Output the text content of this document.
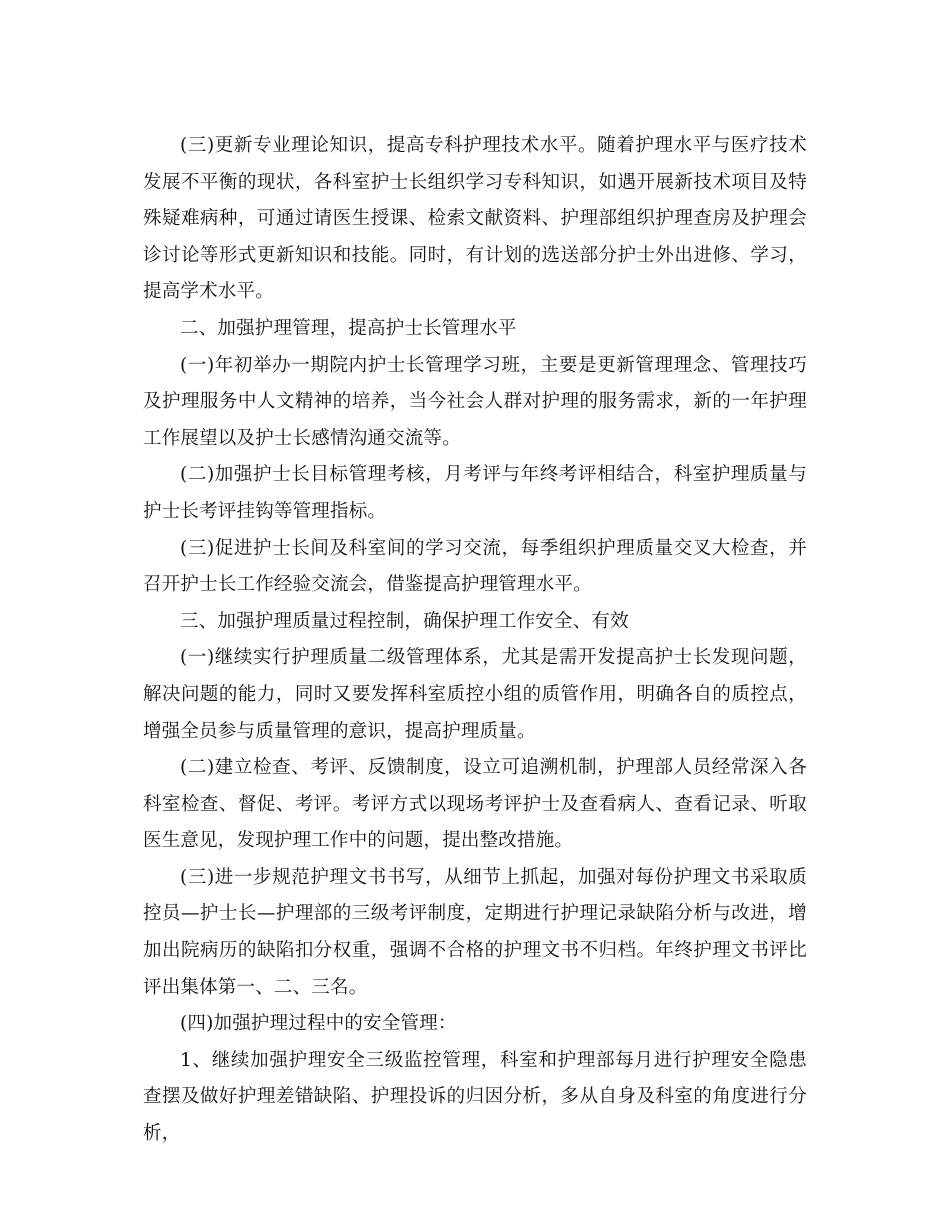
(三)更新专业理论知识，提高专科护理技术水平。随着护理水平与医疗技术发展不平衡的现状，各科室护士长组织学习专科知识，如遇开展新技术项目及特殊疑难病种，可通过请医生授课、检索文献资料、护理部组织护理查房及护理会诊讨论等形式更新知识和技能。同时，有计划的选送部分护士外出进修、学习，提高学术水平。

二、加强护理管理，提高护士长管理水平

(一)年初举办一期院内护士长管理学习班，主要是更新管理理念、管理技巧及护理服务中人文精神的培养，当今社会人群对护理的服务需求，新的一年护理工作展望以及护士长感情沟通交流等。

(二)加强护士长目标管理考核，月考评与年终考评相结合，科室护理质量与护士长考评挂钩等管理指标。

(三)促进护士长间及科室间的学习交流，每季组织护理质量交叉大检查，并召开护士长工作经验交流会，借鉴提高护理管理水平。

三、加强护理质量过程控制，确保护理工作安全、有效

(一)继续实行护理质量二级管理体系，尤其是需开发提高护士长发现问题，解决问题的能力，同时又要发挥科室质控小组的质管作用，明确各自的质控点，增强全员参与质量管理的意识，提高护理质量。

(二)建立检查、考评、反馈制度，设立可追溯机制，护理部人员经常深入各科室检查、督促、考评。考评方式以现场考评护士及查看病人、查看记录、听取医生意见，发现护理工作中的问题，提出整改措施。

(三)进一步规范护理文书书写，从细节上抓起，加强对每份护理文书采取质控员—护士长—护理部的三级考评制度，定期进行护理记录缺陷分析与改进，增加出院病历的缺陷扣分权重，强调不合格的护理文书不归档。年终护理文书评比评出集体第一、二、三名。

(四)加强护理过程中的安全管理：

1、继续加强护理安全三级监控管理，科室和护理部每月进行护理安全隐患查摆及做好护理差错缺陷、护理投诉的归因分析，多从自身及科室的角度进行分析，
